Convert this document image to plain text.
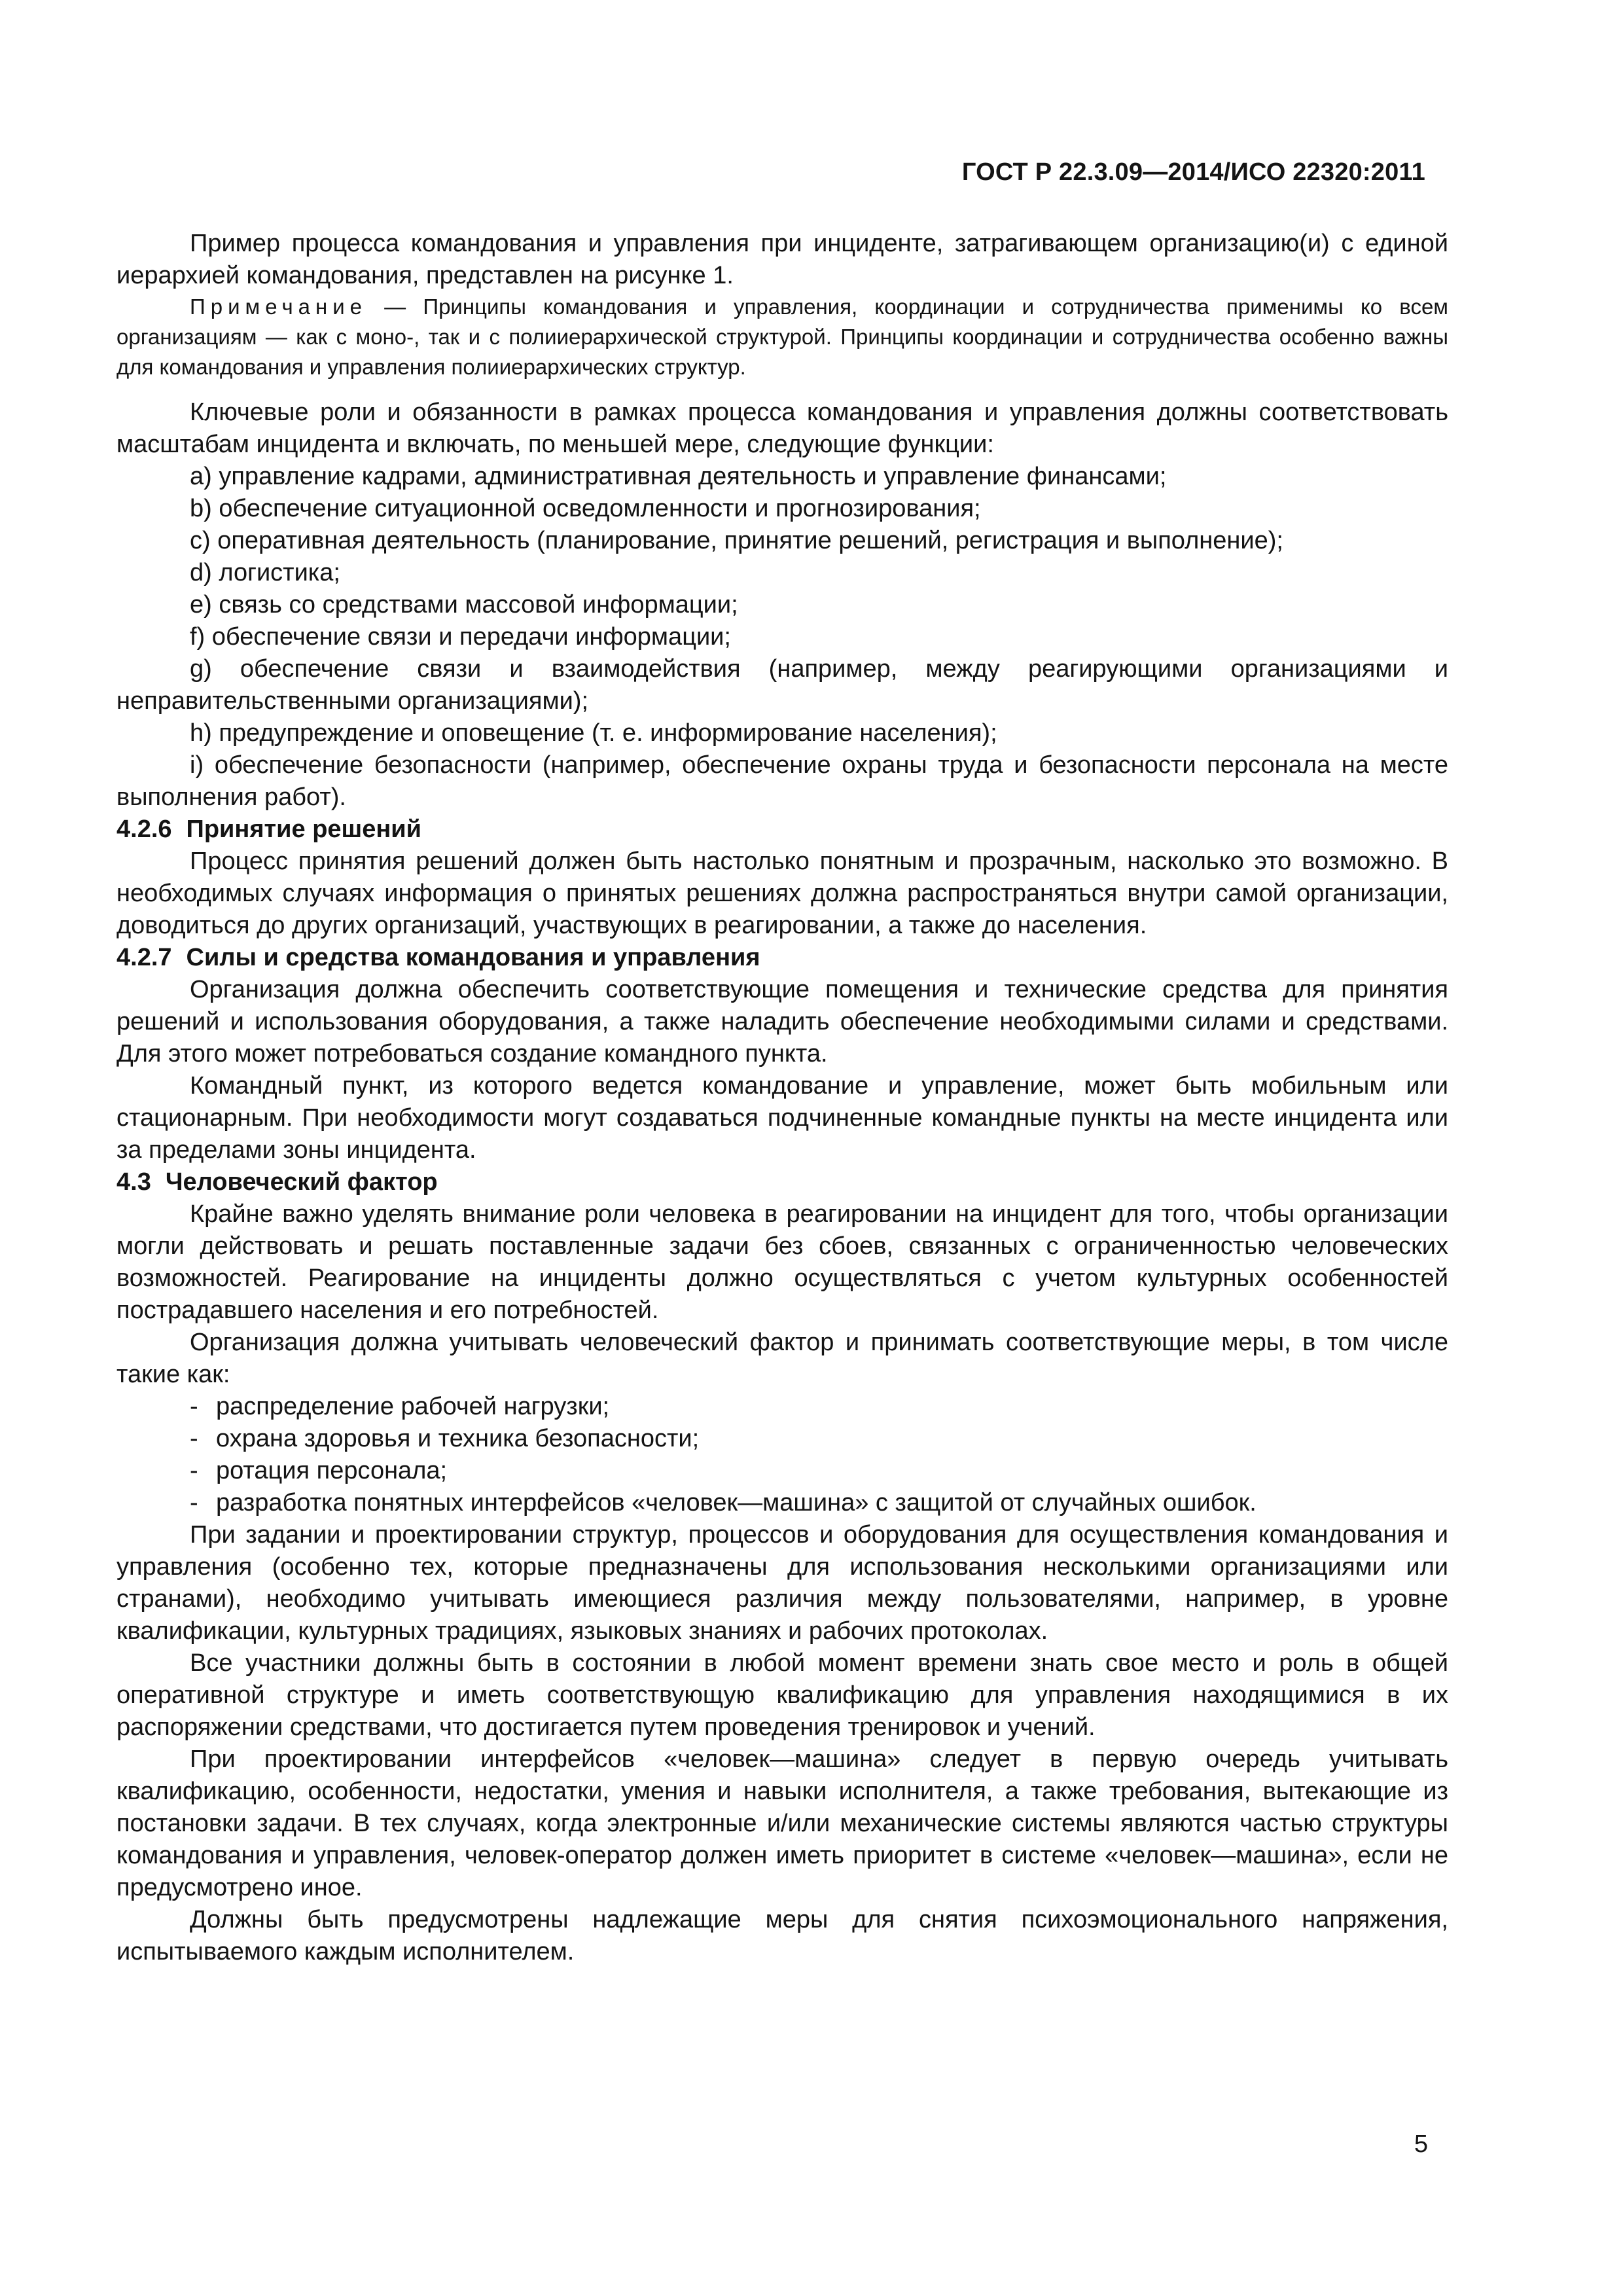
ГОСТ Р 22.3.09—2014/ИСО 22320:2011

Пример процесса командования и управления при инциденте, затрагивающем организацию(и) с единой иерархией командования, представлен на рисунке 1.

Примечание — Принципы командования и управления, координации и сотрудничества применимы ко всем организациям — как с моно-, так и с полииерархической структурой. Принципы координации и сотрудничества особенно важны для командования и управления полииерархических структур.

Ключевые роли и обязанности в рамках процесса командования и управления должны соответствовать масштабам инцидента и включать, по меньшей мере, следующие функции:

a) управление кадрами, административная деятельность и управление финансами;

b) обеспечение ситуационной осведомленности и прогнозирования;

c) оперативная деятельность (планирование, принятие решений, регистрация и выполнение);

d) логистика;

e) связь со средствами массовой информации;

f) обеспечение связи и передачи информации;

g) обеспечение связи и взаимодействия (например, между реагирующими организациями и неправительственными организациями);

h) предупреждение и оповещение (т. е. информирование населения);

i) обеспечение безопасности (например, обеспечение охраны труда и безопасности персонала на месте выполнения работ).

4.2.6 Принятие решений

Процесс принятия решений должен быть настолько понятным и прозрачным, насколько это возможно. В необходимых случаях информация о принятых решениях должна распространяться внутри самой организации, доводиться до других организаций, участвующих в реагировании, а также до населения.

4.2.7 Силы и средства командования и управления

Организация должна обеспечить соответствующие помещения и технические средства для принятия решений и использования оборудования, а также наладить обеспечение необходимыми силами и средствами. Для этого может потребоваться создание командного пункта.

Командный пункт, из которого ведется командование и управление, может быть мобильным или стационарным. При необходимости могут создаваться подчиненные командные пункты на месте инцидента или за пределами зоны инцидента.

4.3 Человеческий фактор

Крайне важно уделять внимание роли человека в реагировании на инцидент для того, чтобы организации могли действовать и решать поставленные задачи без сбоев, связанных с ограниченностью человеческих возможностей. Реагирование на инциденты должно осуществляться с учетом культурных особенностей пострадавшего населения и его потребностей.

Организация должна учитывать человеческий фактор и принимать соответствующие меры, в том числе такие как:

- распределение рабочей нагрузки;

- охрана здоровья и техника безопасности;

- ротация персонала;

- разработка понятных интерфейсов «человек—машина» с защитой от случайных ошибок.

При задании и проектировании структур, процессов и оборудования для осуществления командования и управления (особенно тех, которые предназначены для использования несколькими организациями или странами), необходимо учитывать имеющиеся различия между пользователями, например, в уровне квалификации, культурных традициях, языковых знаниях и рабочих протоколах.

Все участники должны быть в состоянии в любой момент времени знать свое место и роль в общей оперативной структуре и иметь соответствующую квалификацию для управления находящимися в их распоряжении средствами, что достигается путем проведения тренировок и учений.

При проектировании интерфейсов «человек—машина» следует в первую очередь учитывать квалификацию, особенности, недостатки, умения и навыки исполнителя, а также требования, вытекающие из постановки задачи. В тех случаях, когда электронные и/или механические системы являются частью структуры командования и управления, человек-оператор должен иметь приоритет в системе «человек—машина», если не предусмотрено иное.

Должны быть предусмотрены надлежащие меры для снятия психоэмоционального напряжения, испытываемого каждым исполнителем.

5
